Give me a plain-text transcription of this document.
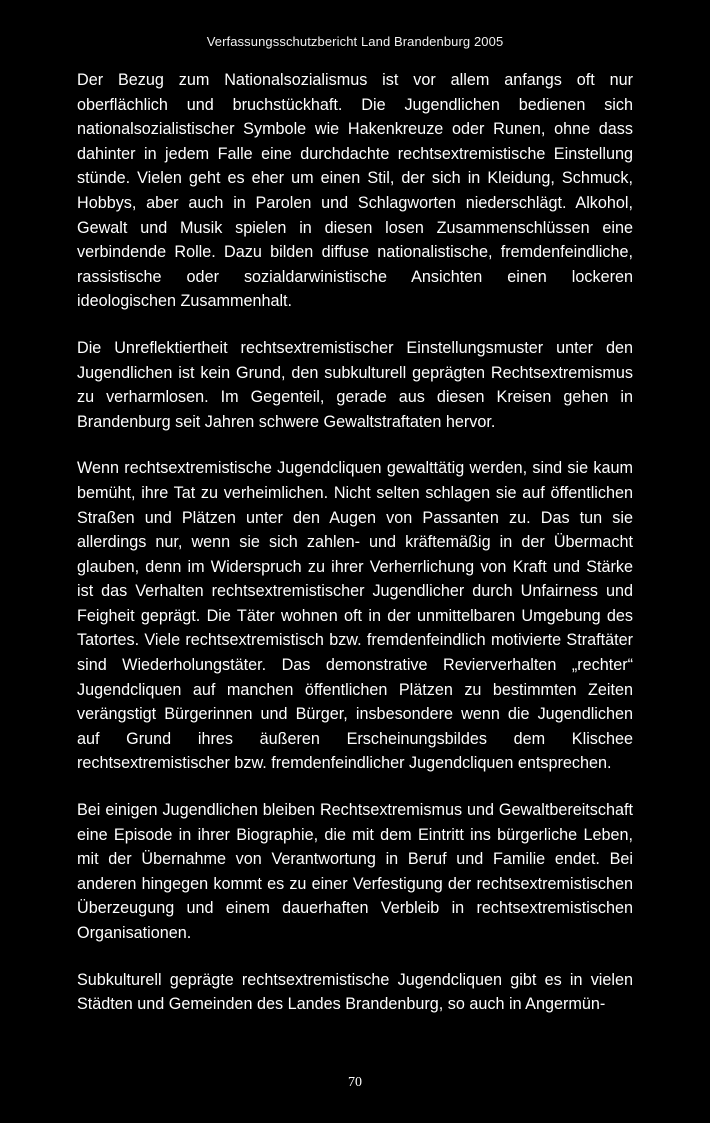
Verfassungsschutzbericht Land Brandenburg 2005

Der Bezug zum Nationalsozialismus ist vor allem anfangs oft nur oberflächlich und bruchstückhaft. Die Jugendlichen bedienen sich nationalsozialistischer Symbole wie Hakenkreuze oder Runen, ohne dass dahinter in jedem Falle eine durchdachte rechtsextremistische Einstellung stünde. Vielen geht es eher um einen Stil, der sich in Kleidung, Schmuck, Hobbys, aber auch in Parolen und Schlagworten niederschlägt. Alkohol, Gewalt und Musik spielen in diesen losen Zusammenschlüssen eine verbindende Rolle. Dazu bilden diffuse nationalistische, fremdenfeindliche, rassistische oder sozialdarwinistische Ansichten einen lockeren ideologischen Zusammenhalt.

Die Unreflektiertheit rechtsextremistischer Einstellungsmuster unter den Jugendlichen ist kein Grund, den subkulturell geprägten Rechtsextremismus zu verharmlosen. Im Gegenteil, gerade aus diesen Kreisen gehen in Brandenburg seit Jahren schwere Gewaltstraftaten hervor.

Wenn rechtsextremistische Jugendcliquen gewalttätig werden, sind sie kaum bemüht, ihre Tat zu verheimlichen. Nicht selten schlagen sie auf öffentlichen Straßen und Plätzen unter den Augen von Passanten zu. Das tun sie allerdings nur, wenn sie sich zahlen- und kräftemäßig in der Übermacht glauben, denn im Widerspruch zu ihrer Verherrlichung von Kraft und Stärke ist das Verhalten rechtsextremistischer Jugendlicher durch Unfairness und Feigheit geprägt. Die Täter wohnen oft in der unmittelbaren Umgebung des Tatortes. Viele rechtsextremistisch bzw. fremdenfeindlich motivierte Straftäter sind Wiederholungstäter. Das demonstrative Revierverhalten „rechter“ Jugendcliquen auf manchen öffentlichen Plätzen zu bestimmten Zeiten verängstigt Bürgerinnen und Bürger, insbesondere wenn die Jugendlichen auf Grund ihres äußeren Erscheinungsbildes dem Klischee rechtsextremistischer bzw. fremdenfeindlicher Jugendcliquen entsprechen.

Bei einigen Jugendlichen bleiben Rechtsextremismus und Gewaltbereitschaft eine Episode in ihrer Biographie, die mit dem Eintritt ins bürgerliche Leben, mit der Übernahme von Verantwortung in Beruf und Familie endet. Bei anderen hingegen kommt es zu einer Verfestigung der rechtsextremistischen Überzeugung und einem dauerhaften Verbleib in rechtsextremistischen Organisationen.

Subkulturell geprägte rechtsextremistische Jugendcliquen gibt es in vielen Städten und Gemeinden des Landes Brandenburg, so auch in Angermün-

70
